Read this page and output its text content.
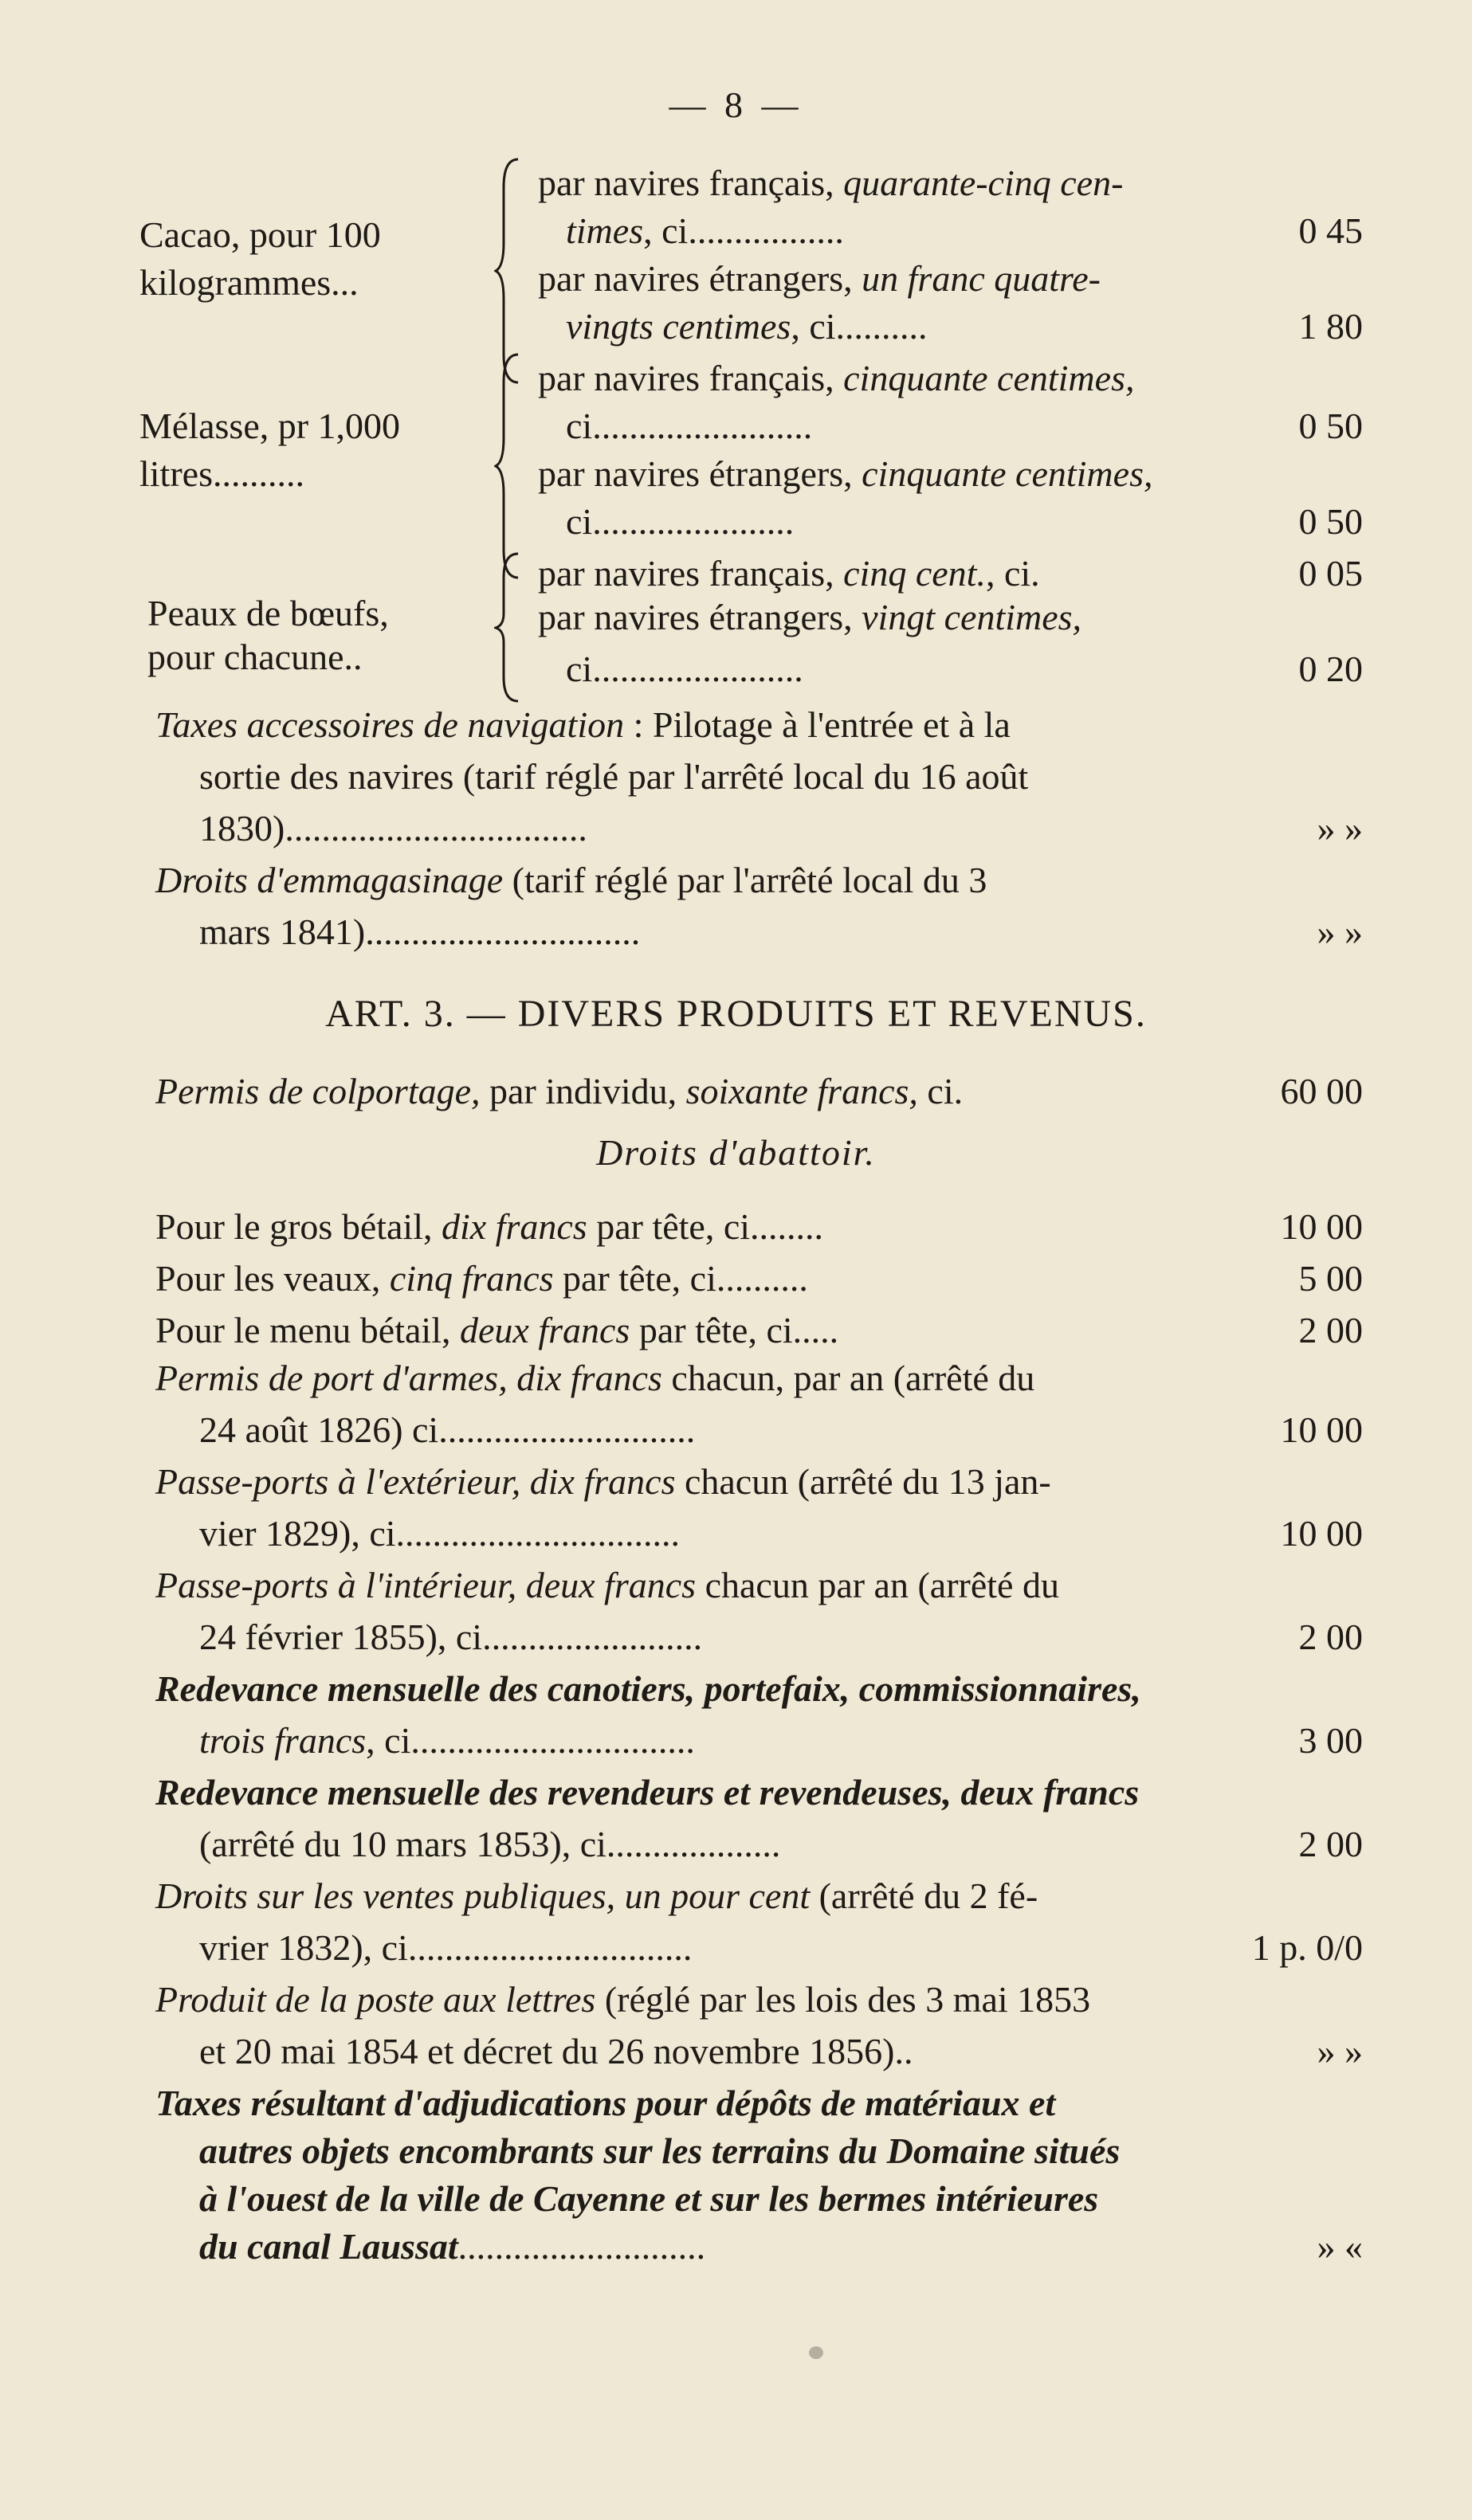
— 8 —
Cacao, pour 100
kilogrammes...
par navires français, quarante-cinq cen-
times, ci.................	0 45
par navires étrangers, un franc quatre-
vingts centimes, ci..........	1 80
Mélasse, pr 1,000
litres..........
par navires français, cinquante centimes,
ci........................	0 50
par navires étrangers, cinquante centimes,
ci......................	0 50
Peaux de bœufs,
pour chacune..
par navires français, cinq cent., ci.	0 05
par navires étrangers, vingt centimes,
ci.......................	0 20
Taxes accessoires de navigation : Pilotage à l'entrée et à la
sortie des navires (tarif réglé par l'arrêté local du 16 août
1830).................................	» »
Droits d'emmagasinage (tarif réglé par l'arrêté local du 3
mars 1841)..............................	» »
ART. 3. — DIVERS PRODUITS ET REVENUS.
Permis de colportage, par individu, soixante francs, ci.	60 00
Droits d'abattoir.
Pour le gros bétail, dix francs par tête, ci........	10 00
Pour les veaux, cinq francs par tête, ci..........	5 00
Pour le menu bétail, deux francs par tête, ci.....	2 00
Permis de port d'armes, dix francs chacun, par an (arrêté du
24 août 1826) ci............................	10 00
Passe-ports à l'extérieur, dix francs chacun (arrêté du 13 jan-
vier 1829), ci...............................	10 00
Passe-ports à l'intérieur, deux francs chacun par an (arrêté du
24 février 1855), ci........................	2 00
Redevance mensuelle des canotiers, portefaix, commissionnaires,
trois francs, ci...............................	3 00
Redevance mensuelle des revendeurs et revendeuses, deux francs
(arrêté du 10 mars 1853), ci...................	2 00
Droits sur les ventes publiques, un pour cent (arrêté du 2 fé-
vrier 1832), ci...............................	1 p. 0/0
Produit de la poste aux lettres (réglé par les lois des 3 mai 1853
et 20 mai 1854 et décret du 26 novembre 1856)..	» »
Taxes résultant d'adjudications pour dépôts de matériaux et
autres objets encombrants sur les terrains du Domaine situés
à l'ouest de la ville de Cayenne et sur les bermes intérieures
du canal Laussat...........................	» «
